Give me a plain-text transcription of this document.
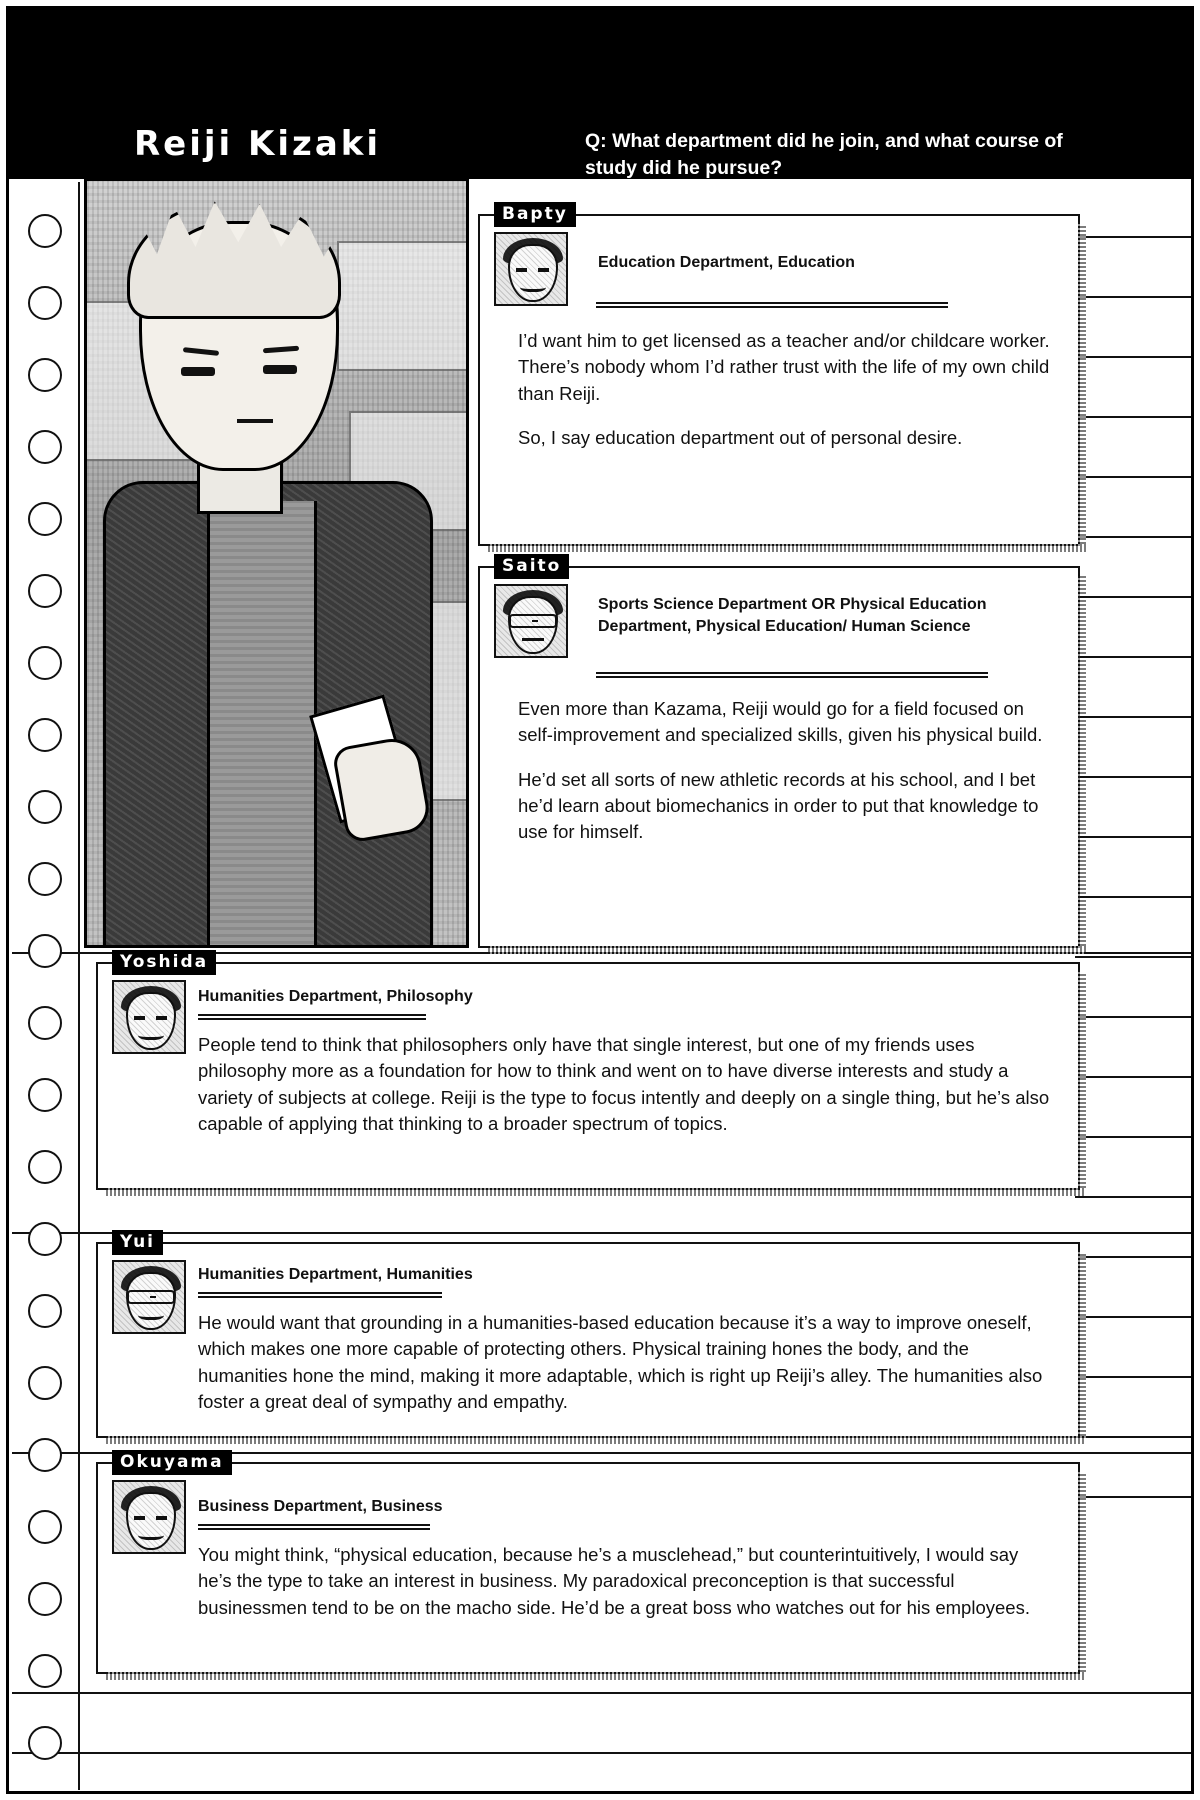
Reiji Kizaki	Q: What department did he join, and what course of study did he pursue?
Bapty
Education Department, Education

I’d want him to get licensed as a teacher and/or childcare worker. There’s nobody whom I’d rather trust with the life of my own child than Reiji.

So, I say education department out of personal desire.

Saito
Sports Science Department OR Physical Education Department, Physical Education/ Human Science

Even more than Kazama, Reiji would go for a field focused on self-improvement and specialized skills, given his physical build.

He’d set all sorts of new athletic records at his school, and I bet he’d learn about biomechanics in order to put that knowledge to use for himself.

Yoshida
Humanities Department, Philosophy

People tend to think that philosophers only have that single interest, but one of my friends uses philosophy more as a foundation for how to think and went on to have diverse interests and study a variety of subjects at college. Reiji is the type to focus intently and deeply on a single thing, but he’s also capable of applying that thinking to a broader spectrum of topics.

Yui
Humanities Department, Humanities

He would want that grounding in a humanities-based education because it’s a way to improve oneself, which makes one more capable of protecting others. Physical training hones the body, and the humanities hone the mind, making it more adaptable, which is right up Reiji’s alley. The humanities also foster a great deal of sympathy and empathy.

Okuyama
Business Department, Business

You might think, “physical education, because he’s a musclehead,” but counterintuitively, I would say he’s the type to take an interest in business. My paradoxical preconception is that successful businessmen tend to be on the macho side. He’d be a great boss who watches out for his employees.
